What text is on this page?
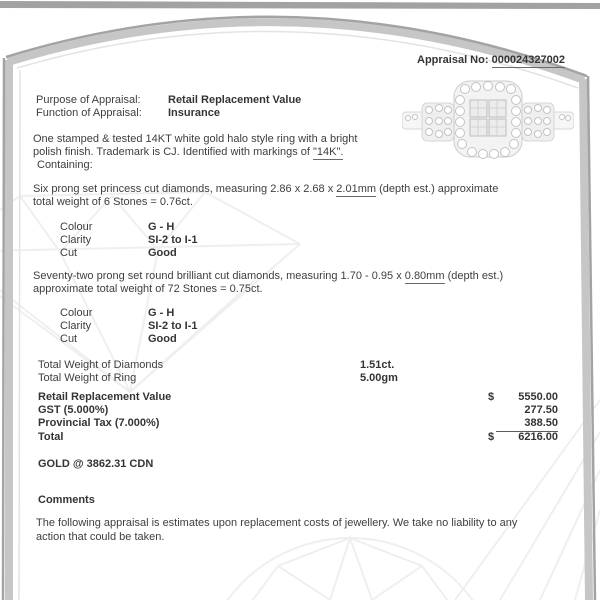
Appraisal No: 000024327002
Purpose of Appraisal: Retail Replacement Value
Function of Appraisal: Insurance
One stamped & tested 14KT white gold halo style ring with a bright
polish finish. Trademark is CJ. Identified with markings of "14K".
Containing:
Six prong set princess cut diamonds, measuring 2.86 x 2.68 x 2.01mm (depth est.) approximate
total weight of 6 Stones = 0.76ct.
Colour	G - H
Clarity	SI-2 to I-1
Cut	Good
Seventy-two prong set round brilliant cut diamonds, measuring 1.70 - 0.95 x 0.80mm (depth est.)
approximate total weight of 72 Stones = 0.75ct.
Colour	G - H
Clarity	SI-2 to I-1
Cut	Good
Total Weight of Diamonds	1.51ct.
Total Weight of Ring	5.00gm
Retail Replacement Value	$	5550.00
GST (5.000%)	277.50
Provincial Tax (7.000%)	388.50
Total	$	6216.00
GOLD @ 3862.31 CDN
Comments
The following appraisal is estimates upon replacement costs of jewellery. We take no liability to any action that could be taken.
